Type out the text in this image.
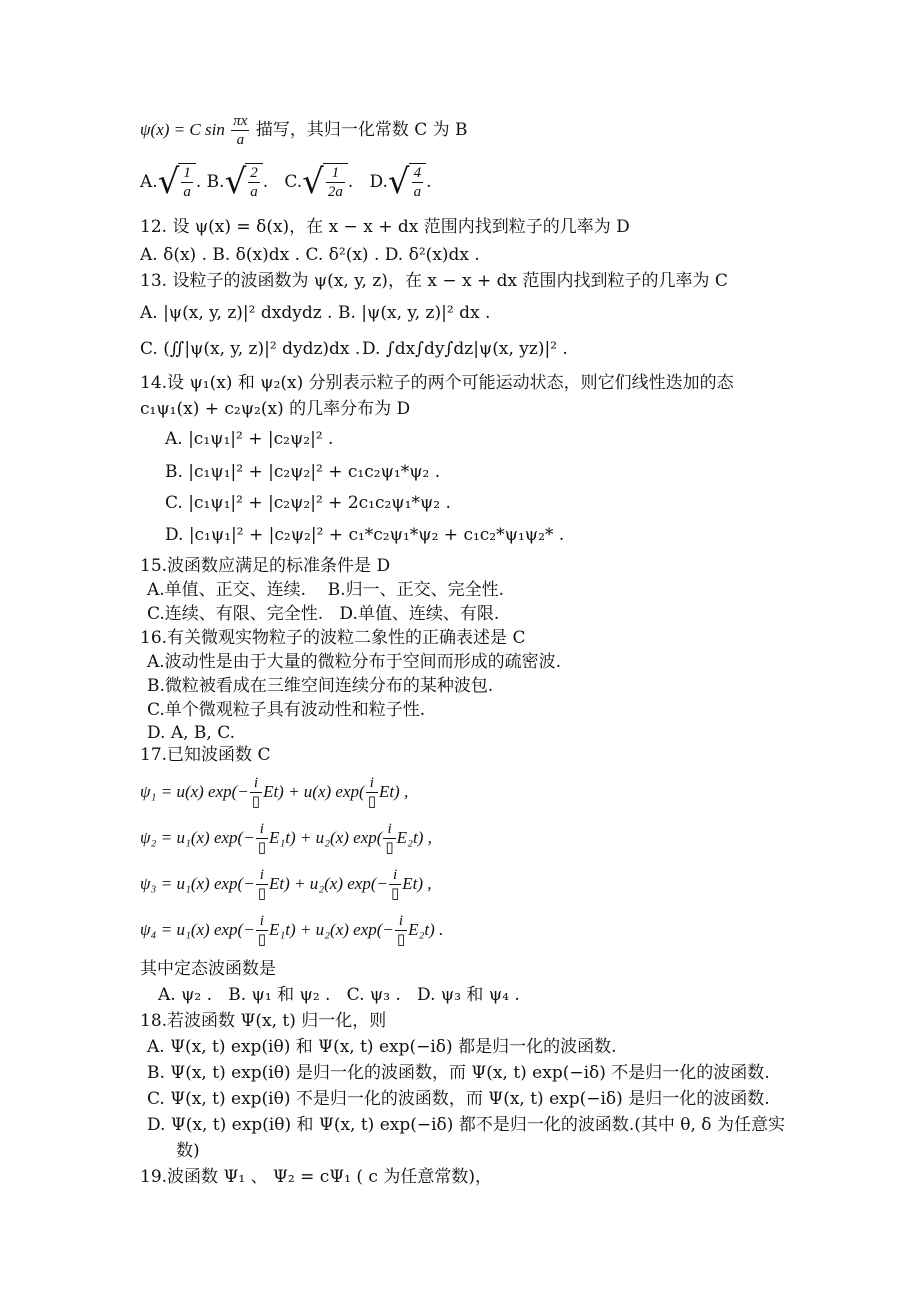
ψ(x) = C $\sin \frac{\pi x}{a}$ 描写，其归一化常数 C 为 B
A. √ $\frac{1}{a}$ . B. √ $\frac{2}{a}$ .   C. √ $\frac{1}{2a}$ .   D. √ $\frac{4}{a}$ .
12. 设 ψ(x) = δ(x)，在 x − x + dx 范围内找到粒子的几率为 D
A. δ(x) . B. δ(x)dx . C. δ²(x) . D. δ²(x)dx .
13. 设粒子的波函数为 ψ(x, y, z)，在 x − x + dx 范围内找到粒子的几率为 C
A. |ψ(x, y, z)|² dxdydz . B. |ψ(x, y, z)|² dx .
C. (∬|ψ(x, y, z)|² dydz)dx . D. ∫dx∫dy∫dz|ψ(x, yz)|² .
14.设 ψ₁(x) 和 ψ₂(x) 分别表示粒子的两个可能运动状态，则它们线性迭加的态
c₁ψ₁(x) + c₂ψ₂(x) 的几率分布为 D
A. |c₁ψ₁|² + |c₂ψ₂|² .
B. |c₁ψ₁|² + |c₂ψ₂|² + c₁c₂ψ₁*ψ₂ .
C. |c₁ψ₁|² + |c₂ψ₂|² + 2c₁c₂ψ₁*ψ₂ .
D. |c₁ψ₁|² + |c₂ψ₂|² + c₁*c₂ψ₁*ψ₂ + c₁c₂*ψ₁ψ₂* .
15.波函数应满足的标准条件是 D
A.单值、正交、连续.    B.归一、正交、完全性.
C.连续、有限、完全性.   D.单值、连续、有限.
16.有关微观实物粒子的波粒二象性的正确表述是 C
A.波动性是由于大量的微粒分布于空间而形成的疏密波.
B.微粒被看成在三维空间连续分布的某种波包.
C.单个微观粒子具有波动性和粒子性.
D. A, B, C.
17.已知波函数 C
ψ₁ = u(x) $\exp(- \frac{i}{▯} Et) + u(x)$ $\exp( \frac{i}{▯} Et)$ ,
ψ₂ = u₁(x) $\exp(- \frac{i}{▯} E_1t) + u_2(x)$ $\exp( \frac{i}{▯} E_2t)$ ,
ψ₃ = u₁(x) $\exp(- \frac{i}{▯} Et) + u_2(x)$ $\exp(- \frac{i}{▯} Et)$ ,
ψ₄ = u₁(x) $\exp(- \frac{i}{▯} E_1t) + u_2(x)$ $\exp(- \frac{i}{▯} E_2t)$ .
其中定态波函数是
A. ψ₂ .   B. ψ₁ 和 ψ₂ .   C. ψ₃ .   D. ψ₃ 和 ψ₄ .
18.若波函数 Ψ(x, t) 归一化，则
A. Ψ(x, t) exp(iθ) 和 Ψ(x, t) exp(−iδ) 都是归一化的波函数.
B. Ψ(x, t) exp(iθ) 是归一化的波函数，而 Ψ(x, t) exp(−iδ) 不是归一化的波函数.
C. Ψ(x, t) exp(iθ) 不是归一化的波函数，而 Ψ(x, t) exp(−iδ) 是归一化的波函数.
D. Ψ(x, t) exp(iθ) 和 Ψ(x, t) exp(−iδ) 都不是归一化的波函数.(其中 θ, δ 为任意实
数)
19.波函数 Ψ₁ 、 Ψ₂ = cΨ₁ ( c 为任意常数)，
